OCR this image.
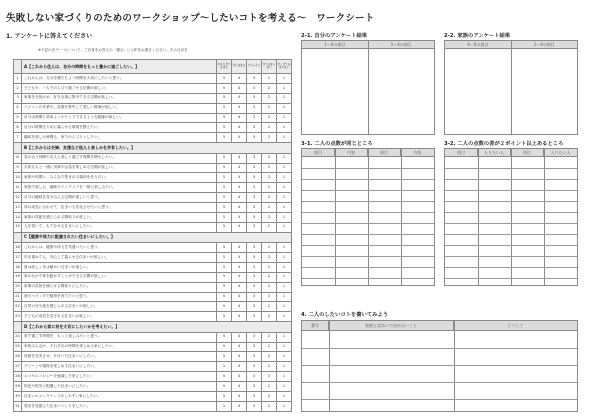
失敗しない家づくりのためのワークショップ～したいコトを考える～　ワークシート
1. アンケートに答えてください
※下記の各テーマについて、ご自身をお答えの「割合」に○印をお書きください。その合計を
	A【これから住人は、自分の時間をもっと豊かに過ごしたい。】	かなり当てはまる	当てはまる	どちらとも	当てはまらない	全く当てはまらない
1	これからは、自分を優たちよう時間を大切にしたいと思う。	5	4	3	2	1
2	子どもや、一人でのんびり過ごせる空間が欲しい。	5	4	3	2	1
3	家事を分担がめ、好きな事に集中できる空間が欲しい。	5	4	3	2	1
4	パソコンの作業や、読書を集中して楽しい環境が欲しい。	5	4	3	2	1
5	自分は時間と効率よくやりくりできるような動線が欲しい。	5	4	3	2	1
6	自分の時間を大切に暮らせる環境を整えたい。	5	4	3	2	1
7	趣味を楽しむ時間も、家でのんびりとしたい。	5	4	3	2	1
	B【これからは夫婦、友達など他人と楽しみを共有したい。】					
8	気の合う仲間や友人と楽しく過ごす時間を増やしたい。	5	4	3	2	1
9	大切な人と一緒に食事や会話を楽しめる空間が欲しい。	5	4	3	2	1
10	家族や仲間と、みんなで集まれる場所を作りたい。	5	4	3	2	1
11	家族で楽しむ、趣味やインテリアを一緒に楽しみたい。	5	4	3	2	1
12	自分の趣味を見せ合える空間が欲しいと思う。	5	4	3	2	1
13	体の成長に合わせて、住まいも変化させたいと思う。	5	4	3	2	1
14	家族の気配を感じられる間取りが欲しい。	5	4	3	2	1
15	人を招いて、もてなせる住まいにしたい。	5	4	3	2	1
	C【健康や体力に配慮されたい住まいにしたい。】					
16	これからは、健康や体力を気遣いたいと思う。	5	4	3	2	1
17	年を重ねても、安心して暮らせる住まいが欲しい。	5	4	3	2	1
18	夏は涼しく冬は暖かい住まいが欲しい。	5	4	3	2	1
19	家のなかで体を動かすことができる空間が欲しい。	5	4	3	2	1
20	家事の負担を減らせる間取りにしたい。	5	4	3	2	1
21	庭やベランダで植物を育てたいと思う。	5	4	3	2	1
22	自然の光や風を感じられる住まいが欲しい。	5	4	3	2	1
23	子どもの成長を見守れる住まいが欲しい。	5	4	3	2	1
	D【これから家に何を大切にしたいかを考えたい。】					
24	家で過ごす時間を、もっと楽しみたいと思う。	5	4	3	2	1
25	家族みんなが、それぞれの時間を楽しめる家にしたい。	5	4	3	2	1
26	収納を充実させ、片付いた住まいにしたい。	5	4	3	2	1
27	グリーンや植物を楽しめる住まいにしたい。	5	4	3	2	1
28	エコやエコロジーを意識した家にしたい。	5	4	3	2	1
29	防犯や防災に配慮した住まいにしたい。	5	4	3	2	1
30	住まいのメンテナンスがしやすい家にしたい。	5	4	3	2	1
31	将来を見据えた住まいづくりをしたい。	5	4	3	2	1
2-1. 自分のアンケート結果
1～4の項目	1～4の項目

2-2. 家族のアンケート結果
4～5の項目	1～4の項目

3-1. 二人の点数が同じところ
項目	内容	項目	内容
3-2. 二人の点数の差が２ポイント以上あるところ
項目	入りたい人	項目	入りたい人
4. 二人のしたいコトを書いてみよう
番号	家族と話あいで決めたいこと	どうして
